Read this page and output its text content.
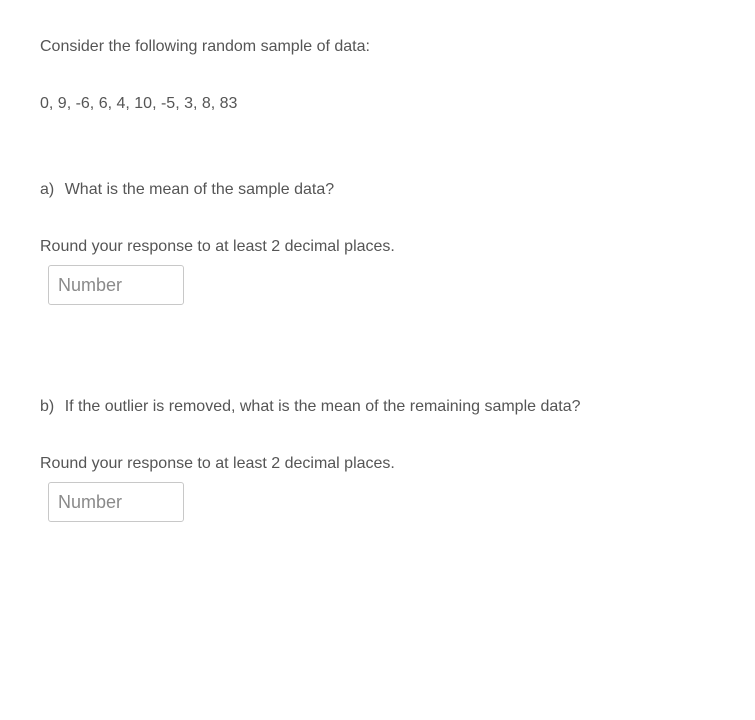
Consider the following random sample of data:
0, 9, -6, 6, 4, 10, -5, 3, 8, 83
a) What is the mean of the sample data?
Round your response to at least 2 decimal places.
Number
b) If the outlier is removed, what is the mean of the remaining sample data?
Round your response to at least 2 decimal places.
Number
